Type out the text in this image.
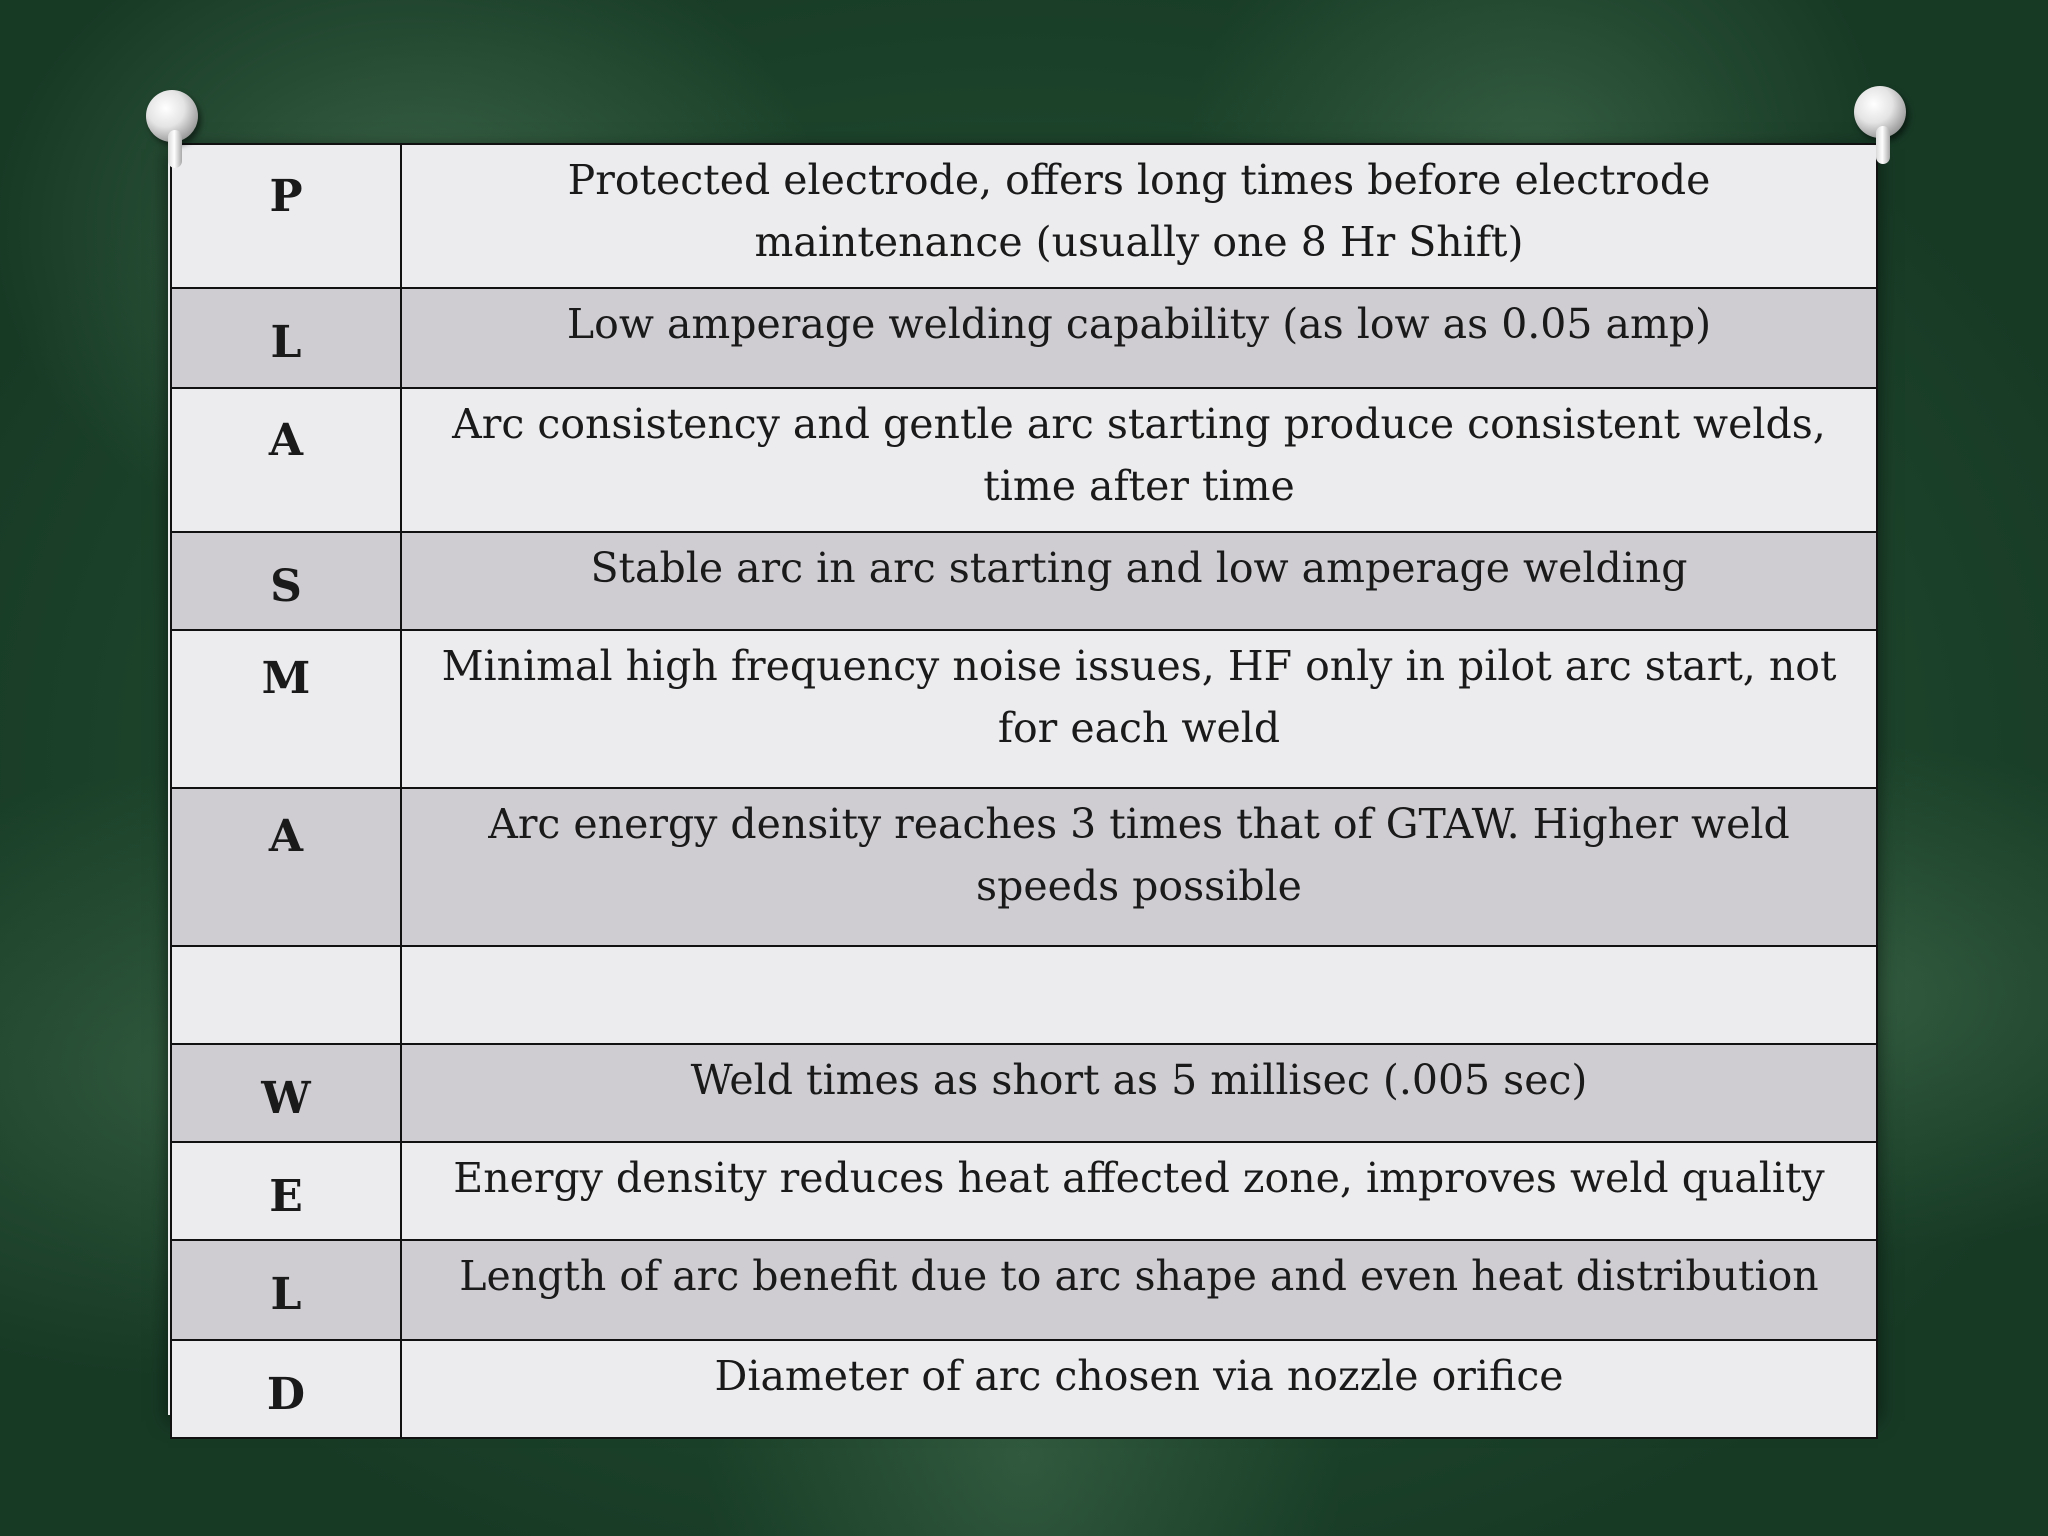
P	Protected electrode, offers long times before electrode maintenance (usually one 8 Hr Shift)

L	Low amperage welding capability (as low as 0.05 amp)

A	Arc consistency and gentle arc starting produce consistent welds, time after time

S	Stable arc in arc starting and low amperage welding

M	Minimal high frequency noise issues, HF only in pilot arc start, not for each weld

A	Arc energy density reaches 3 times that of GTAW. Higher weld speeds possible

W	Weld times as short as 5 millisec (.005 sec)

E	Energy density reduces heat affected zone, improves weld quality

L	Length of arc benefit due to arc shape and even heat distribution

D	Diameter of arc chosen via nozzle orifice
